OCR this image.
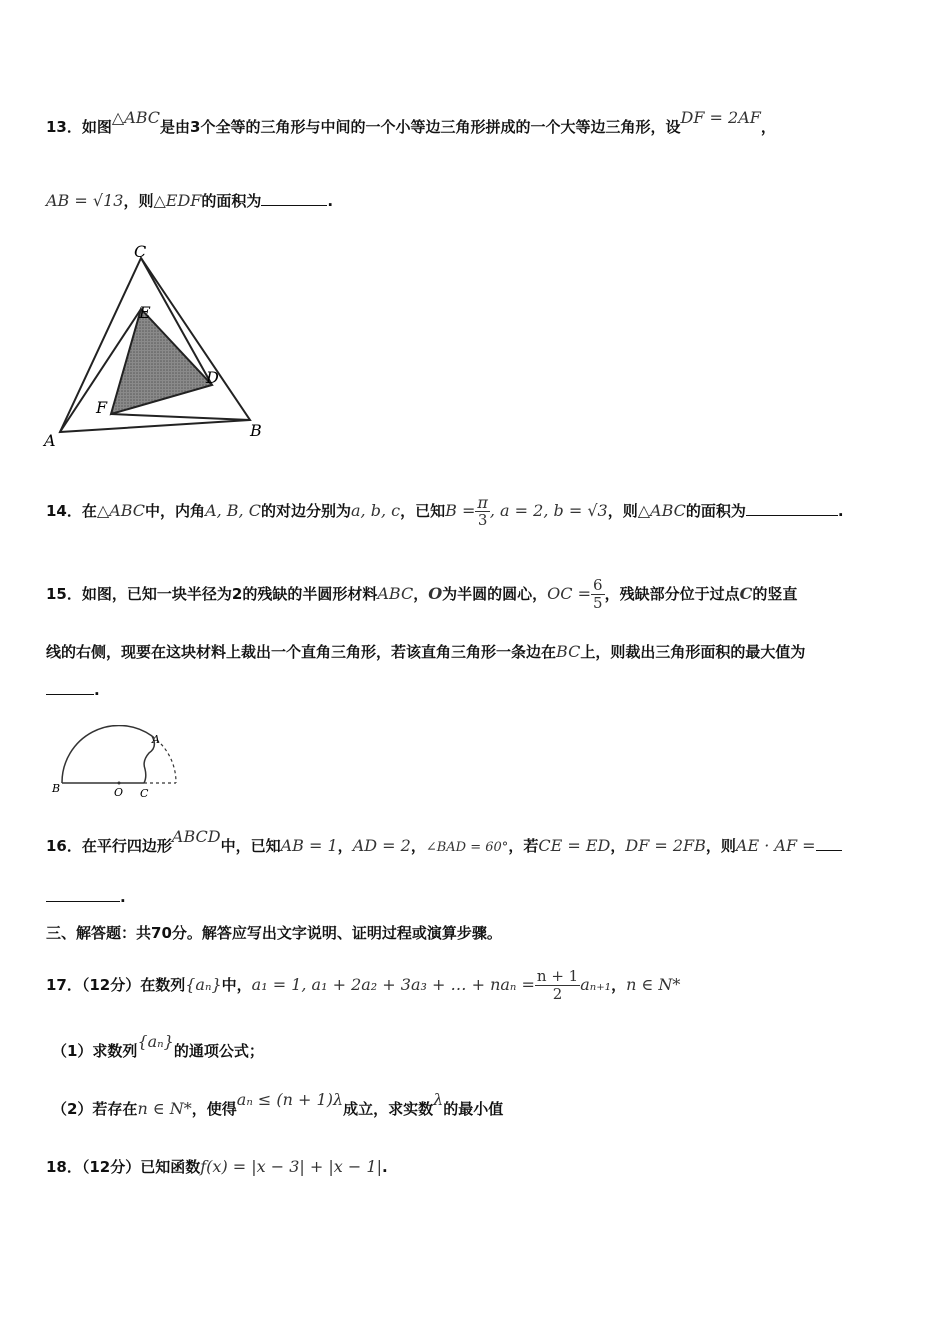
13．如图△ABC是由3个全等的三角形与中间的一个小等边三角形拼成的一个大等边三角形，设DF = 2AF，
AB = √13，则△EDF的面积为	.
C
E
D
F
A
B
14．在△ABC中，内角A, B, C的对边分别为a, b, c，已知$B = \frac{\pi}{3}$ , a = 2, b = √3，则△ABC的面积为	.
15．如图，已知一块半径为2的残缺的半圆形材料ABC，O为半圆的圆心，OC = $\frac{6}{5}$ ，残缺部分位于过点C的竖直
线的右侧，现要在这块材料上裁出一个直角三角形，若该直角三角形一条边在BC上，则裁出三角形面积的最大值为
.
A
B	O C
16．在平行四边形ABCD中，已知AB = 1，AD = 2，∠BAD = 60°，若CE = ED，DF = 2FB，则AE · AF =
.
三、解答题：共70分。解答应写出文字说明、证明过程或演算步骤。
17．（12分）在数列{aₙ}中，a₁ = 1, a₁ + 2a₂ + 3a₃ + … + $na_n = \frac{n + 1}{2} a_{n+1}$，n ∈ N*
（1）求数列{aₙ}的通项公式；
（2）若存在n ∈ N*，使得aₙ ≤ (n + 1)λ成立，求实数λ的最小值
18．（12分）已知函数f(x) = |x − 3| + |x − 1|.
